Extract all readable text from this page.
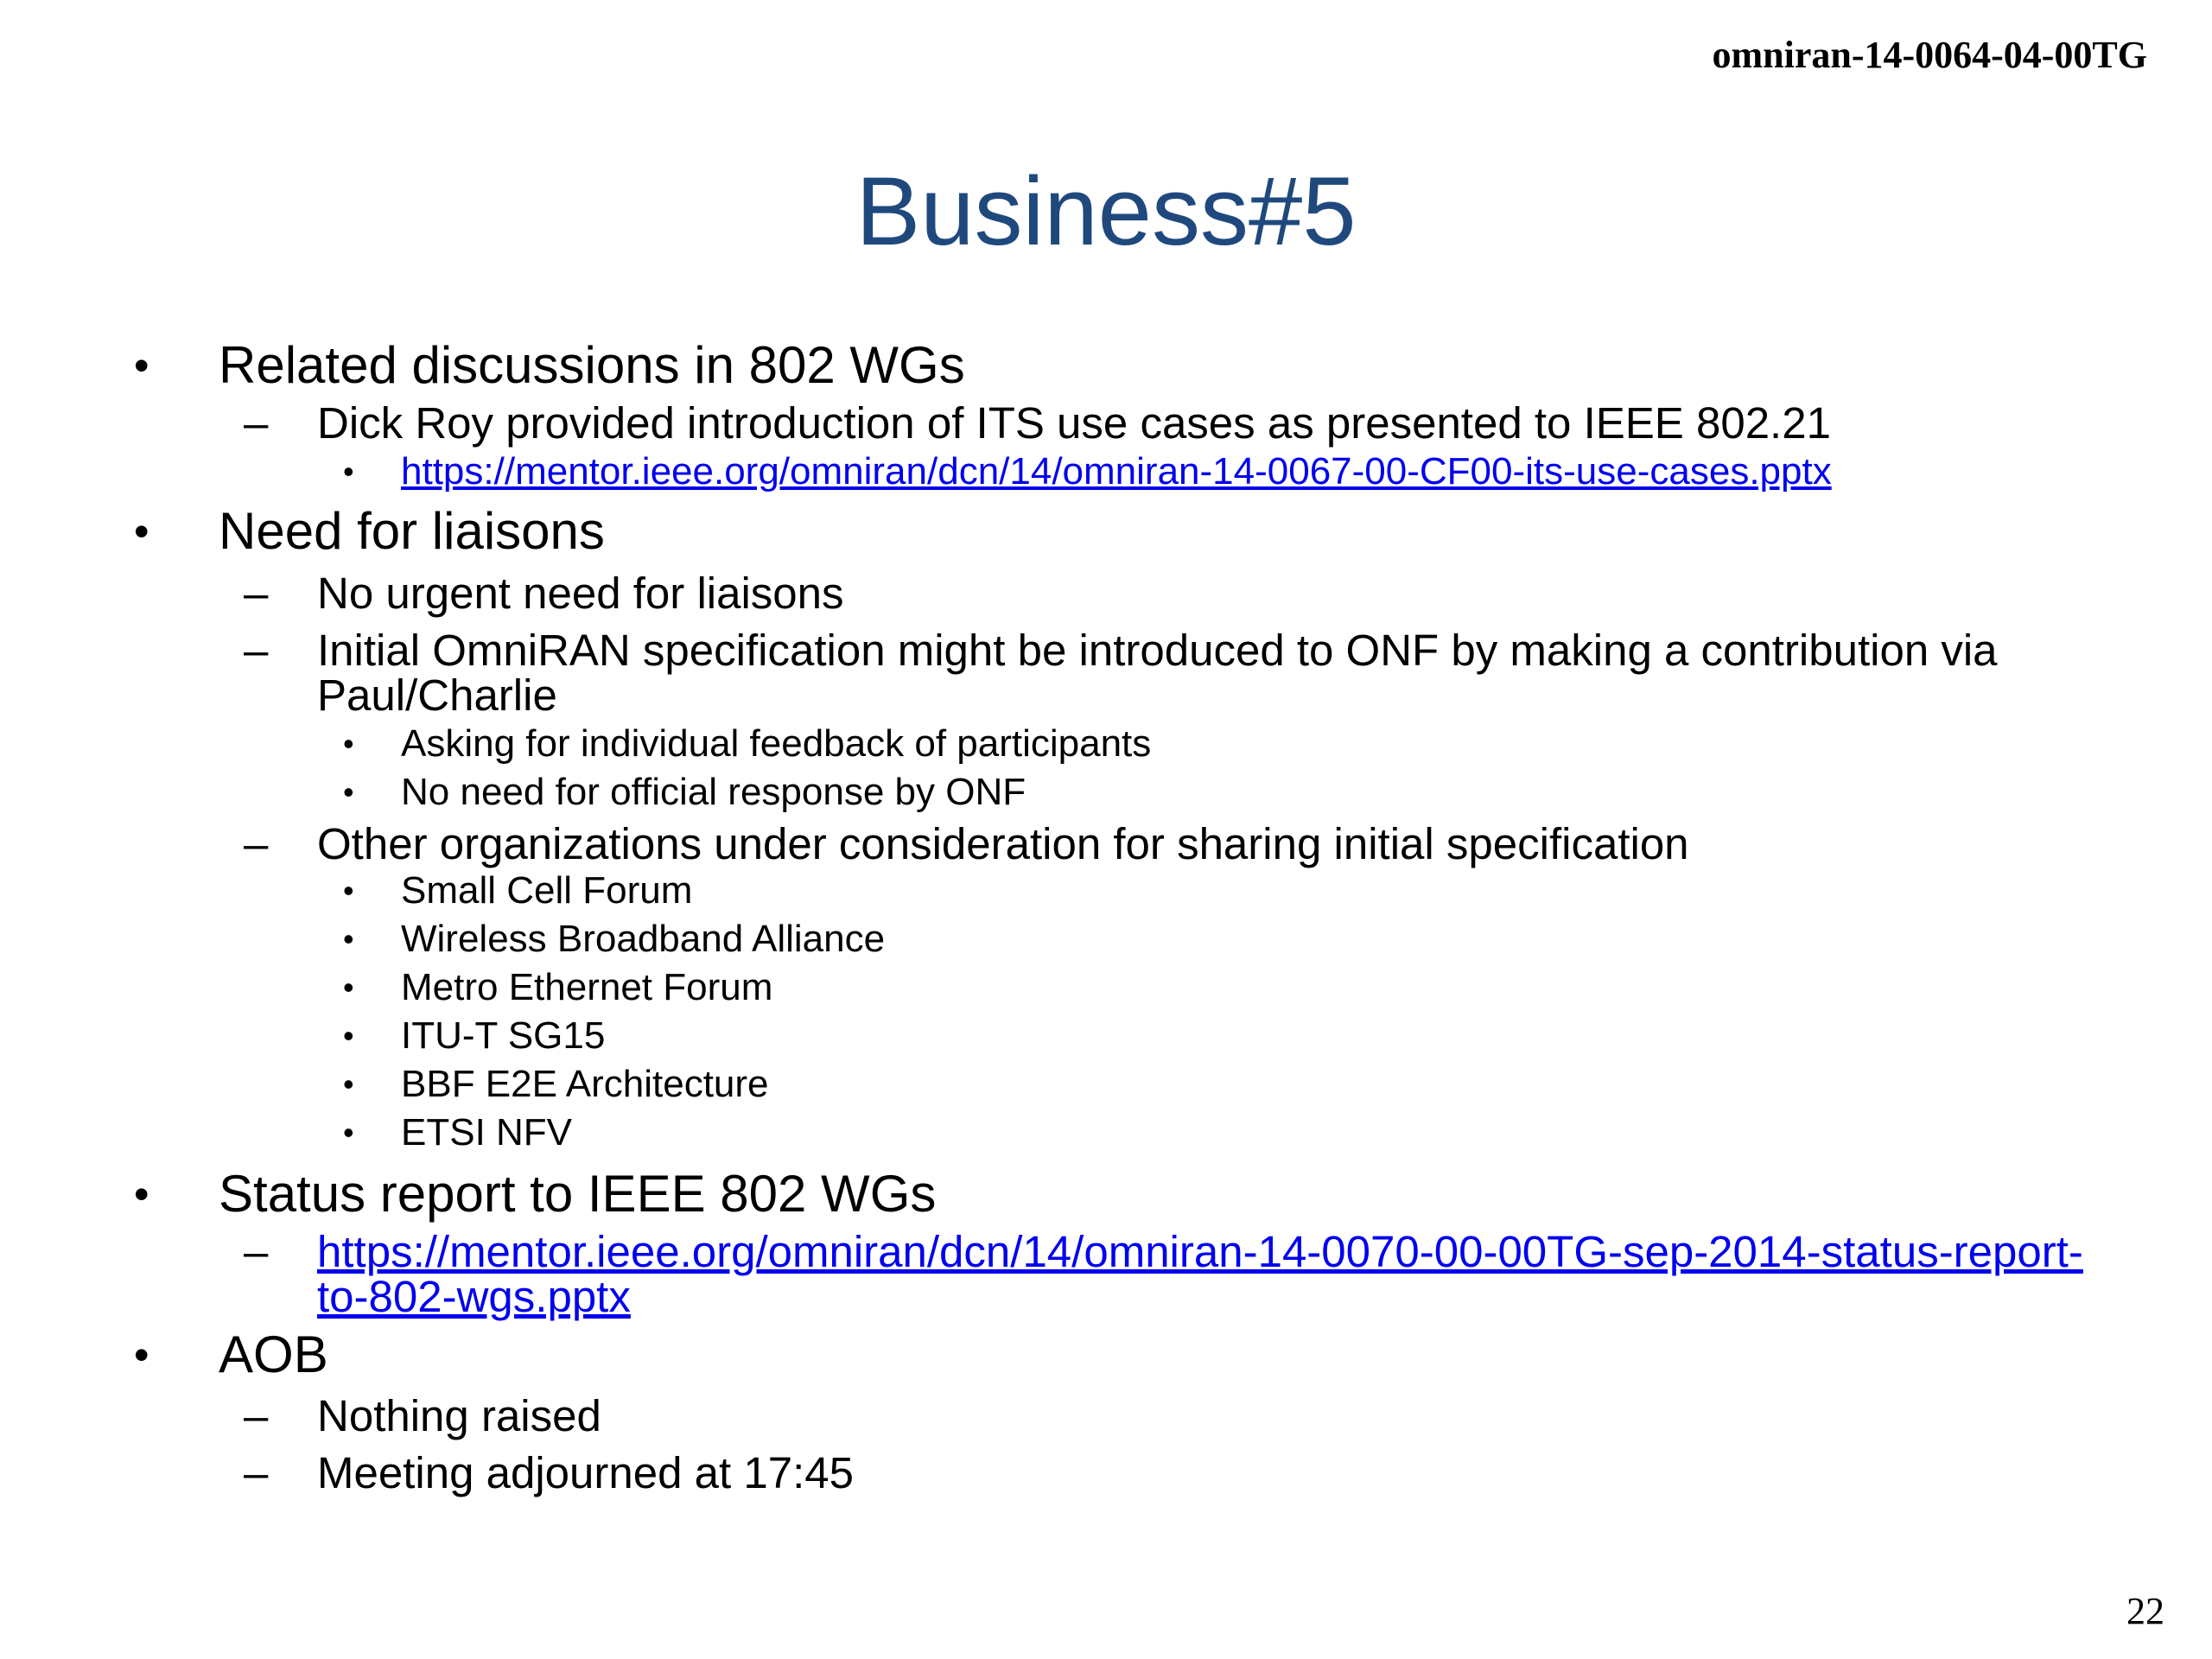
omniran-14-0064-04-00TG
Business#5
• Related discussions in 802 WGs
– Dick Roy provided introduction of ITS use cases as presented to IEEE 802.21
• https://mentor.ieee.org/omniran/dcn/14/omniran-14-0067-00-CF00-its-use-cases.pptx
• Need for liaisons
– No urgent need for liaisons
– Initial OmniRAN specification might be introduced to ONF by making a contribution via Paul/Charlie
• Asking for individual feedback of participants
• No need for official response by ONF
– Other organizations under consideration for sharing initial specification
• Small Cell Forum
• Wireless Broadband Alliance
• Metro Ethernet Forum
• ITU-T SG15
• BBF E2E Architecture
• ETSI NFV
• Status report to IEEE 802 WGs
– https://mentor.ieee.org/omniran/dcn/14/omniran-14-0070-00-00TG-sep-2014-status-report-to-802-wgs.pptx
• AOB
– Nothing raised
– Meeting adjourned at 17:45
22
